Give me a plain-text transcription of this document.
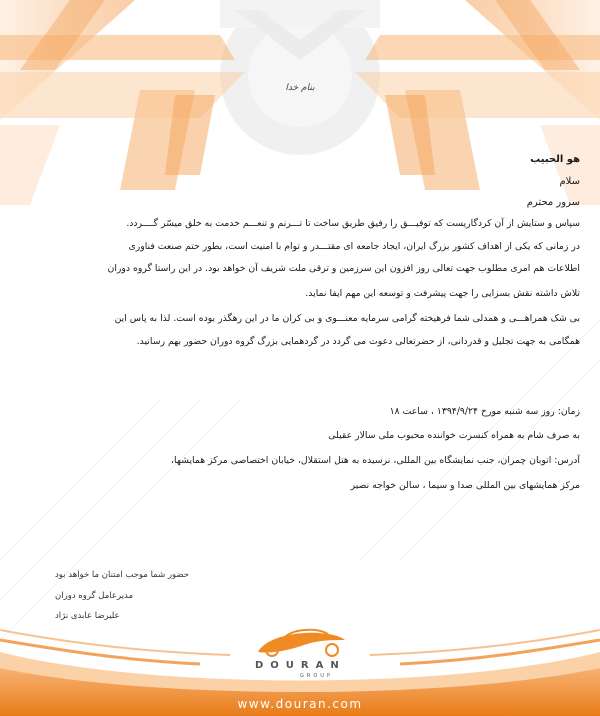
بنام خدا
هو الحبیب
سلام
سرور محترم
سپاس و ستایش از آن کردگاریست که توفیـــق را رفیق طریق ساخت تا تـــرنم و تنعـــم خدمت به خلق میسّر گــــردد.
در زمانی که یکی از اهداف کشور بزرگ ایران، ایجاد جامعه ای مقتـــدر و توام با امنیت است، بطور حتم صنعت فناوری
اطلاعات هم امری مطلوب جهت تعالی روز افزون این سرزمین و ترقی ملت شریف آن خواهد بود. در این راستا گروه دوران
تلاش داشته نقش بسزایی را جهت پیشرفت و توسعه این مهم ایفا نماید.
بی شک همراهـــی و همدلی شما فرهیخته گرامی سرمایه معنـــوی و بی کران ما در این رهگذر بوده است. لذا به پاس این
همگامی به جهت تجلیل و قدردانی، از حضرتعالی دعوت می گردد در گردهمایی بزرگ گروه دوران حضور بهم رسانید.
زمان: روز سه شنبه مورخ ۱۳۹۴/۹/۲۴ ، ساعت ۱۸
به صرف شام به همراه کنسرت خواننده محبوب ملی سالار عقیلی
آدرس: اتوبان چمران، جنب نمایشگاه بین المللی، نرسیده به هتل استقلال، خیابان اختصاصی مرکز همایشها،
مرکز همایشهای بین المللی صدا و سیما ، سالن خواجه نصیر
حضور شما موجب امتنان ما خواهد بود
مدیرعامل گروه دوران
علیرضا عابدی نژاد
DOURAN
GROUP
www.douran.com
